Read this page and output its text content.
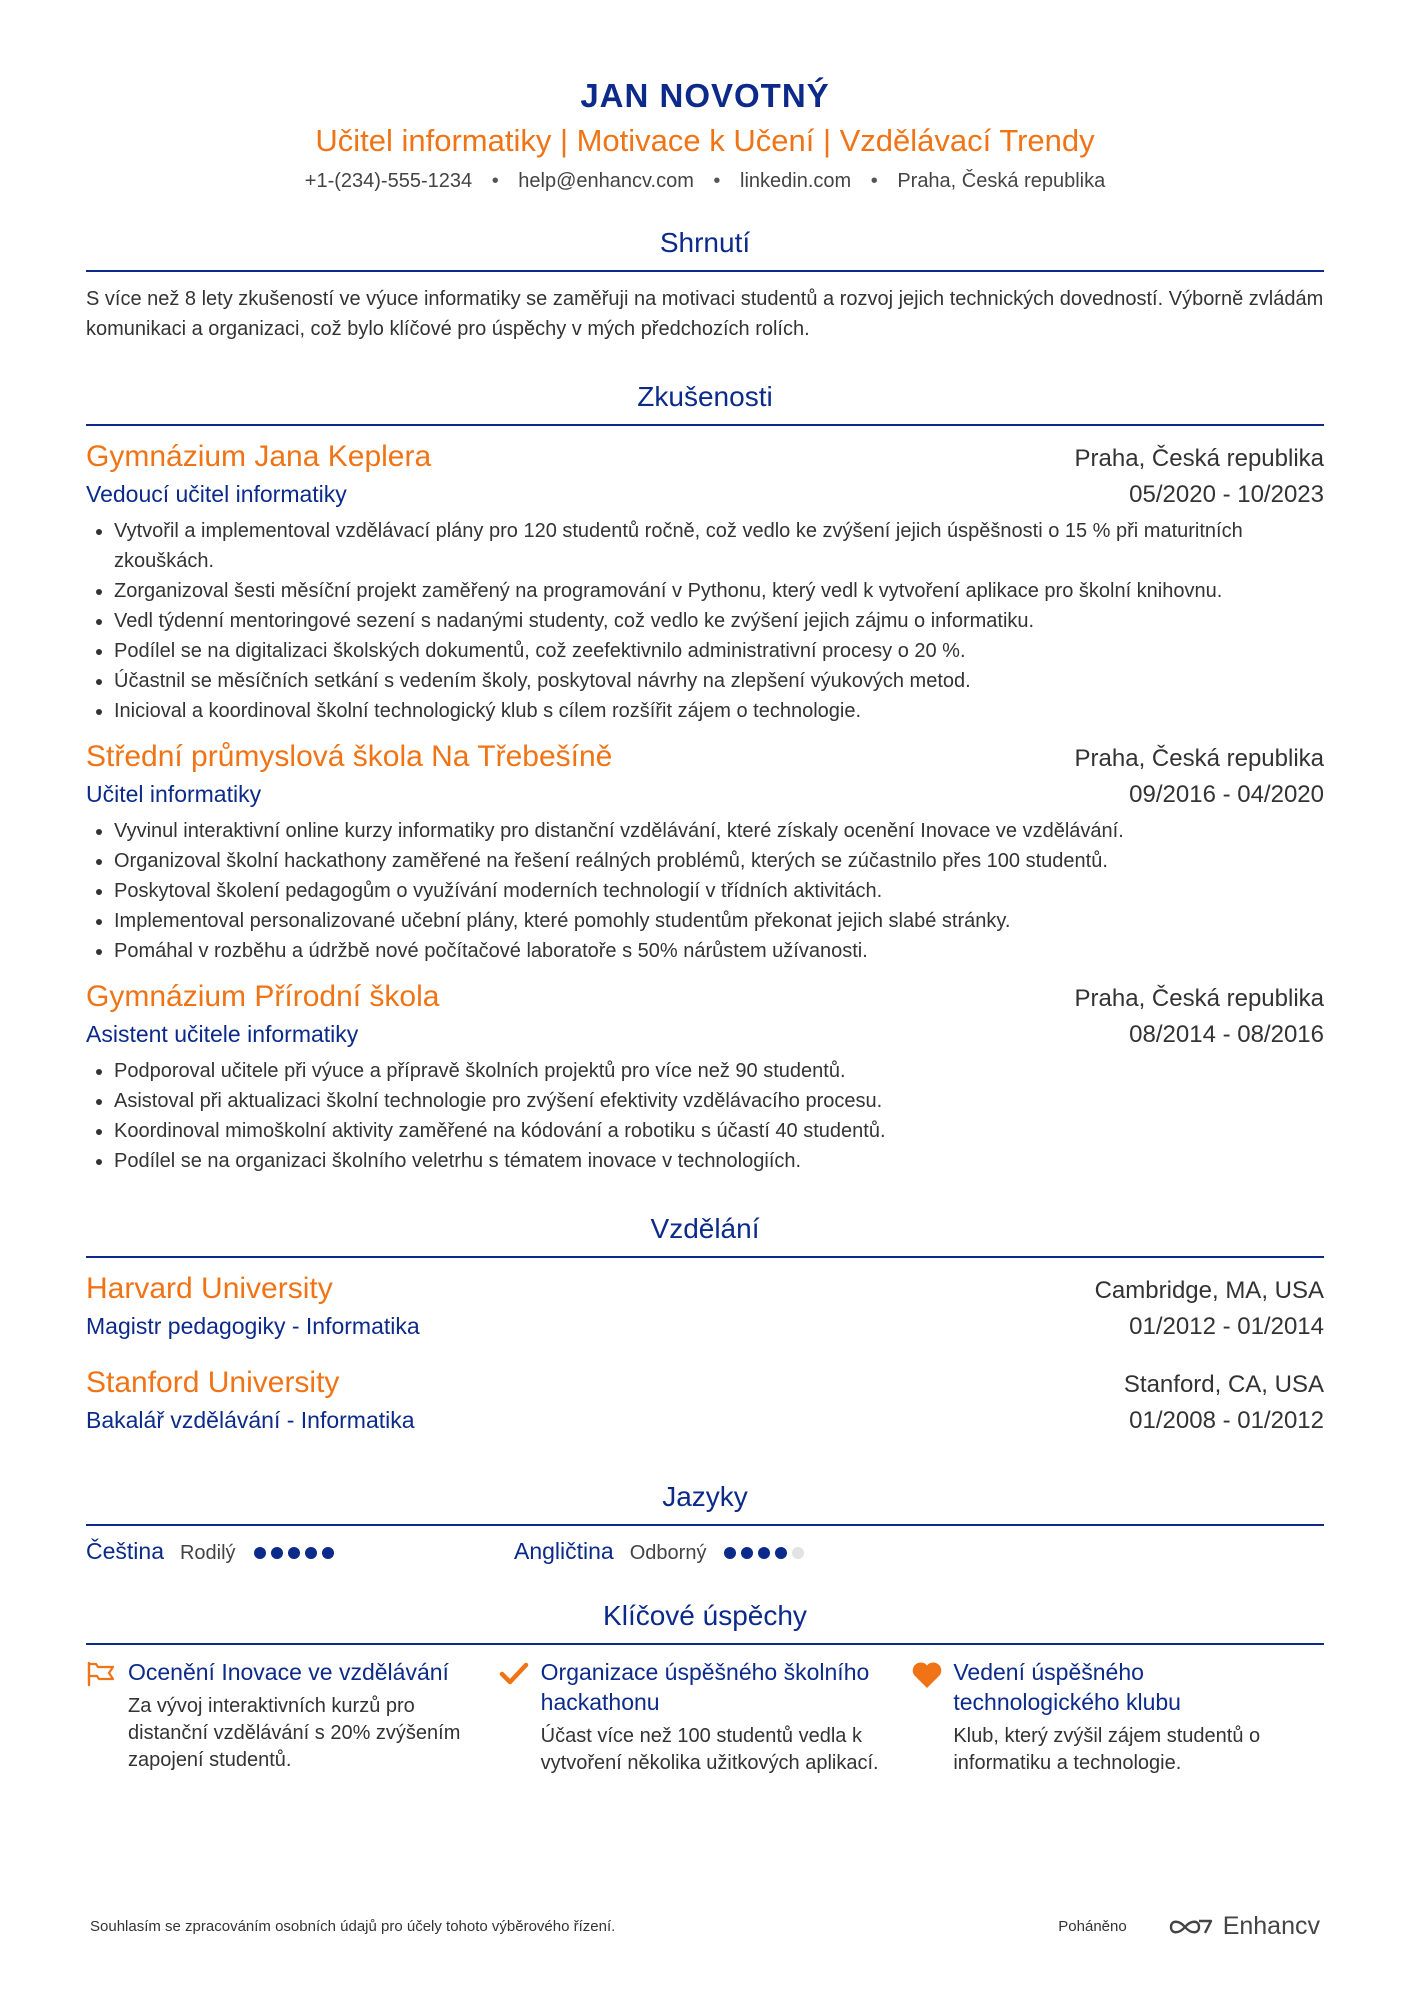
JAN NOVOTNÝ
Učitel informatiky | Motivace k Učení | Vzdělávací Trendy
+1-(234)-555-1234 • help@enhancv.com • linkedin.com • Praha, Česká republika
Shrnutí
S více než 8 lety zkušeností ve výuce informatiky se zaměřuji na motivaci studentů a rozvoj jejich technických dovedností. Výborně zvládám komunikaci a organizaci, což bylo klíčové pro úspěchy v mých předchozích rolích.
Zkušenosti
Gymnázium Jana Keplera	Praha, Česká republika
Vedoucí učitel informatiky	05/2020 - 10/2023
• Vytvořil a implementoval vzdělávací plány pro 120 studentů ročně, což vedlo ke zvýšení jejich úspěšnosti o 15 % při maturitních zkouškách.
• Zorganizoval šesti měsíční projekt zaměřený na programování v Pythonu, který vedl k vytvoření aplikace pro školní knihovnu.
• Vedl týdenní mentoringové sezení s nadanými studenty, což vedlo ke zvýšení jejich zájmu o informatiku.
• Podílel se na digitalizaci školských dokumentů, což zeefektivnilo administrativní procesy o 20 %.
• Účastnil se měsíčních setkání s vedením školy, poskytoval návrhy na zlepšení výukových metod.
• Inicioval a koordinoval školní technologický klub s cílem rozšířit zájem o technologie.
Střední průmyslová škola Na Třebešíně	Praha, Česká republika
Učitel informatiky	09/2016 - 04/2020
• Vyvinul interaktivní online kurzy informatiky pro distanční vzdělávání, které získaly ocenění Inovace ve vzdělávání.
• Organizoval školní hackathony zaměřené na řešení reálných problémů, kterých se zúčastnilo přes 100 studentů.
• Poskytoval školení pedagogům o využívání moderních technologií v třídních aktivitách.
• Implementoval personalizované učební plány, které pomohly studentům překonat jejich slabé stránky.
• Pomáhal v rozběhu a údržbě nové počítačové laboratoře s 50% nárůstem užívanosti.
Gymnázium Přírodní škola	Praha, Česká republika
Asistent učitele informatiky	08/2014 - 08/2016
• Podporoval učitele při výuce a přípravě školních projektů pro více než 90 studentů.
• Asistoval při aktualizaci školní technologie pro zvýšení efektivity vzdělávacího procesu.
• Koordinoval mimoškolní aktivity zaměřené na kódování a robotiku s účastí 40 studentů.
• Podílel se na organizaci školního veletrhu s tématem inovace v technologiích.
Vzdělání
Harvard University	Cambridge, MA, USA
Magistr pedagogiky - Informatika	01/2012 - 01/2014
Stanford University	Stanford, CA, USA
Bakalář vzdělávání - Informatika	01/2008 - 01/2012
Jazyky
Čeština Rodilý	Angličtina Odborný
Klíčové úspěchy
Ocenění Inovace ve vzdělávání
Za vývoj interaktivních kurzů pro distanční vzdělávání s 20% zvýšením zapojení studentů.
Organizace úspěšného školního hackathonu
Účast více než 100 studentů vedla k vytvoření několika užitkových aplikací.
Vedení úspěšného technologického klubu
Klub, který zvýšil zájem studentů o informatiku a technologie.
Souhlasím se zpracováním osobních údajů pro účely tohoto výběrového řízení.	Poháněno	Enhancv
